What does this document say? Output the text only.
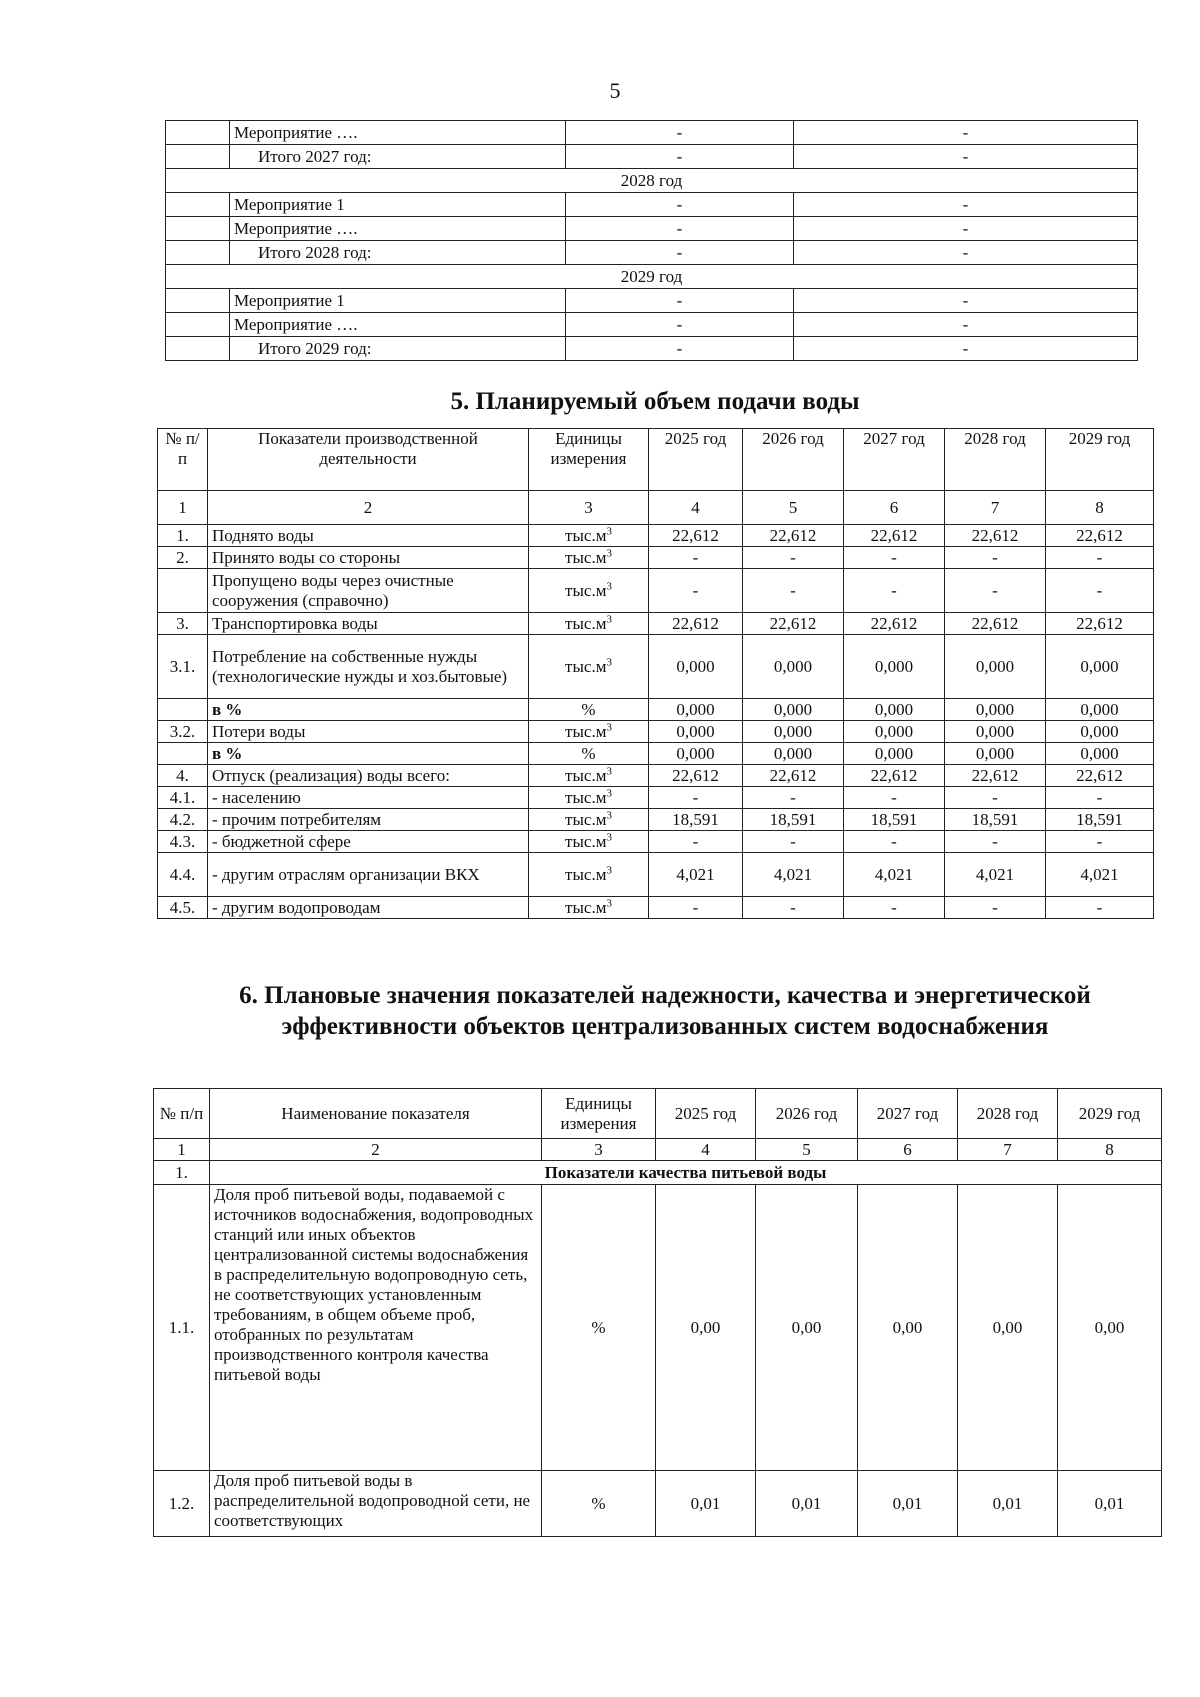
5
	Мероприятие ….	-	-
	Итого 2027 год:	-	-
2028 год			
	Мероприятие 1	-	-
	Мероприятие ….	-	-
	Итого 2028 год:	-	-
2029 год			
	Мероприятие 1	-	-
	Мероприятие ….	-	-
	Итого 2029 год:	-	-
5. Планируемый объем подачи воды
№ п/п	Показатели производственной деятельности	Единицы измерения	2025 год	2026 год	2027 год	2028 год	2029 год
1	2	3	4	5	6	7	8
1.	Поднято воды	$тыс.м^3$	22,612	22,612	22,612	22,612	22,612
2.	Принято воды со стороны	$тыс.м^3$	-	-	-	-	-
	Пропущено воды через очистные сооружения (справочно)	$тыс.м^3$	-	-	-	-	-
3.	Транспортировка воды	$тыс.м^3$	22,612	22,612	22,612	22,612	22,612
3.1.	Потребление на собственные нужды (технологические нужды и хоз.бытовые)	$тыс.м^3$	0,000	0,000	0,000	0,000	0,000
	в %	%	0,000	0,000	0,000	0,000	0,000
3.2.	Потери воды	$тыс.м^3$	0,000	0,000	0,000	0,000	0,000
	в %	%	0,000	0,000	0,000	0,000	0,000
4.	Отпуск (реализация) воды всего:	$тыс.м^3$	22,612	22,612	22,612	22,612	22,612
4.1.	- населению	$тыс.м^3$	-	-	-	-	-
4.2.	- прочим потребителям	$тыс.м^3$	18,591	18,591	18,591	18,591	18,591
4.3.	- бюджетной сфере	$тыс.м^3$	-	-	-	-	-
4.4.	- другим отраслям организации ВКХ	$тыс.м^3$	4,021	4,021	4,021	4,021	4,021
4.5.	- другим водопроводам	$тыс.м^3$	-	-	-	-	-
6. Плановые значения показателей надежности, качества и энергетической эффективности объектов централизованных систем водоснабжения
№ п/п	Наименование показателя	Единицы измерения	2025 год	2026 год	2027 год	2028 год	2029 год
1	2	3	4	5	6	7	8
1.	Показатели качества питьевой воды						
1.1.	Доля проб питьевой воды, подаваемой с источников водоснабжения, водопроводных станций или иных объектов централизованной системы водоснабжения в распределительную водопроводную сеть, не соответствующих установленным требованиям, в общем объеме проб, отобранных по результатам производственного контроля качества питьевой воды	%	0,00	0,00	0,00	0,00	0,00
1.2.	Доля проб питьевой воды в распределительной водопроводной сети, не соответствующих	%	0,01	0,01	0,01	0,01	0,01
